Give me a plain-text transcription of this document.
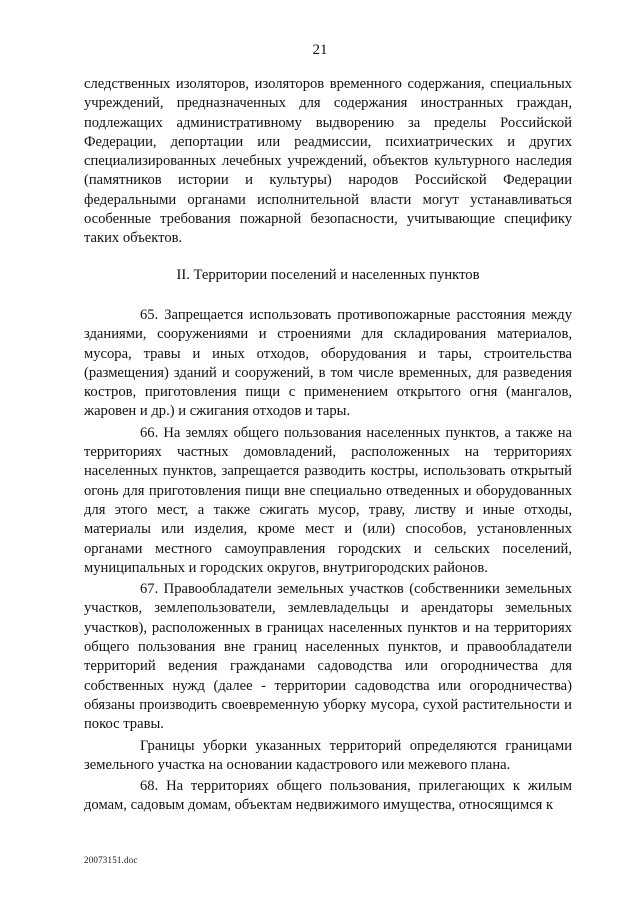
21

следственных изоляторов, изоляторов временного содержания, специальных учреждений, предназначенных для содержания иностранных граждан, подлежащих административному выдворению за пределы Российской Федерации, депортации или реадмиссии, психиатрических и других специализированных лечебных учреждений, объектов культурного наследия (памятников истории и культуры) народов Российской Федерации федеральными органами исполнительной власти могут устанавливаться особенные требования пожарной безопасности, учитывающие специфику таких объектов.

II. Территории поселений и населенных пунктов

65. Запрещается использовать противопожарные расстояния между зданиями, сооружениями и строениями для складирования материалов, мусора, травы и иных отходов, оборудования и тары, строительства (размещения) зданий и сооружений, в том числе временных, для разведения костров, приготовления пищи с применением открытого огня (мангалов, жаровен и др.) и сжигания отходов и тары.

66. На землях общего пользования населенных пунктов, а также на территориях частных домовладений, расположенных на территориях населенных пунктов, запрещается разводить костры, использовать открытый огонь для приготовления пищи вне специально отведенных и оборудованных для этого мест, а также сжигать мусор, траву, листву и иные отходы, материалы или изделия, кроме мест и (или) способов, установленных органами местного самоуправления городских и сельских поселений, муниципальных и городских округов, внутригородских районов.

67. Правообладатели земельных участков (собственники земельных участков, землепользователи, землевладельцы и арендаторы земельных участков), расположенных в границах населенных пунктов и на территориях общего пользования вне границ населенных пунктов, и правообладатели территорий ведения гражданами садоводства или огородничества для собственных нужд (далее - территории садоводства или огородничества) обязаны производить своевременную уборку мусора, сухой растительности и покос травы.

Границы уборки указанных территорий определяются границами земельного участка на основании кадастрового или межевого плана.

68. На территориях общего пользования, прилегающих к жилым домам, садовым домам, объектам недвижимого имущества, относящимся к

20073151.doc
